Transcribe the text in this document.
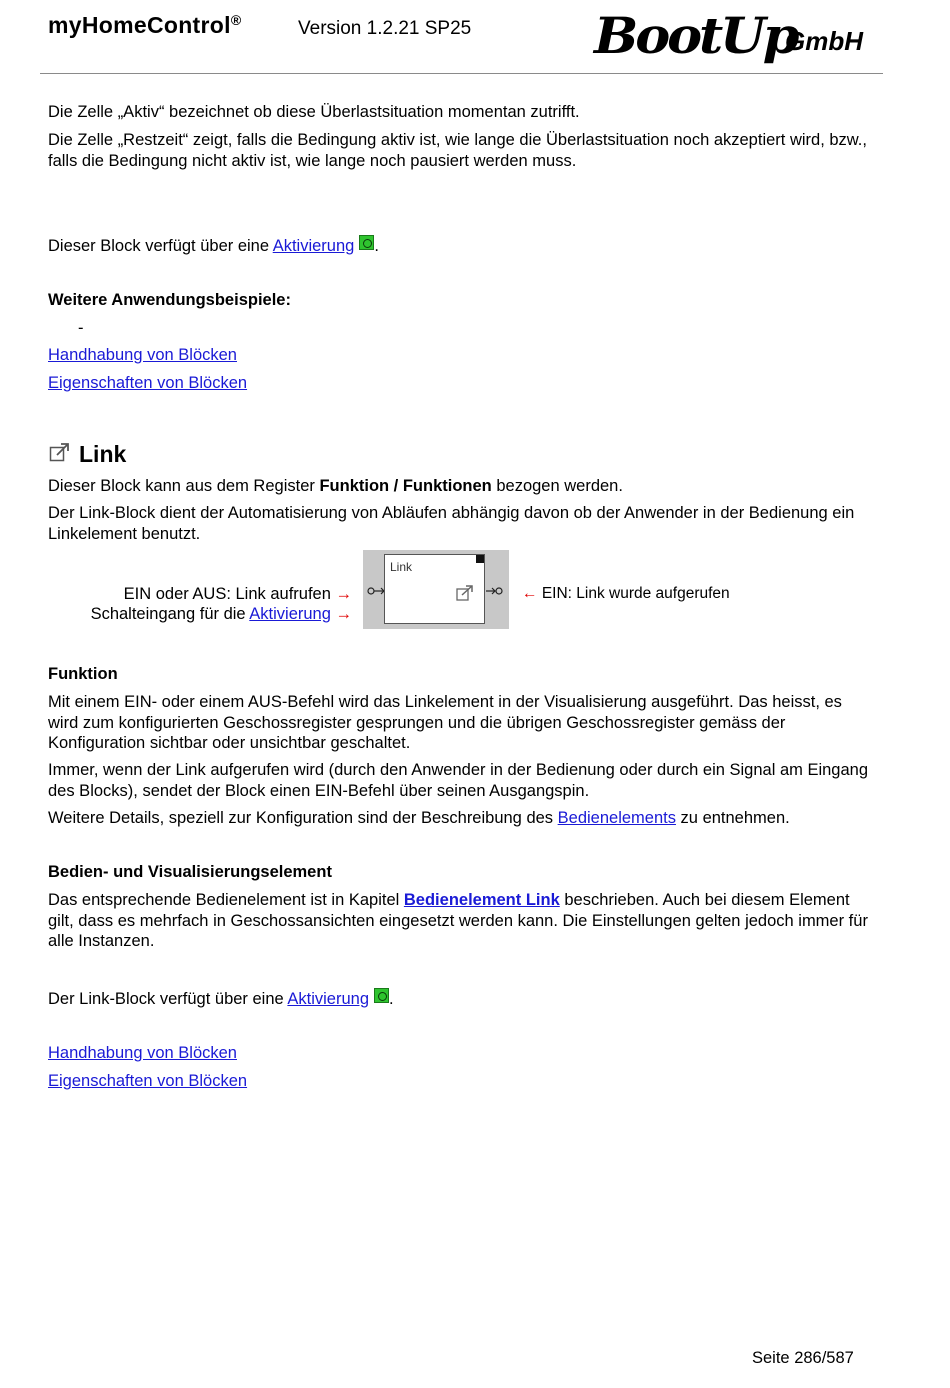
myHomeControl®	Version 1.2.21 SP25 BootUp
GmbH

Die Zelle „Aktiv“ bezeichnet ob diese Überlastsituation momentan zutrifft.

Die Zelle „Restzeit“ zeigt, falls die Bedingung aktiv ist, wie lange die Überlastsituation noch akzeptiert wird, bzw., falls die Bedingung nicht aktiv ist, wie lange noch pausiert werden muss.

Dieser Block verfügt über eine Aktivierung .

Weitere Anwendungsbeispiele:

-

Handhabung von Blöcken

Eigenschaften von Blöcken

Link

Dieser Block kann aus dem Register Funktion / Funktionen bezogen werden.

Der Link-Block dient der Automatisierung von Abläufen abhängig davon ob der Anwender in der Bedienung ein Linkelement benutzt.

EIN oder AUS: Link aufrufen →
Schalteingang für die Aktivierung →
Link
← EIN: Link wurde aufgerufen

Funktion

Mit einem EIN- oder einem AUS-Befehl wird das Linkelement in der Visualisierung ausgeführt. Das heisst, es wird zum konfigurierten Geschossregister gesprungen und die übrigen Geschossregister gemäss der Konfiguration sichtbar oder unsichtbar geschaltet.

Immer, wenn der Link aufgerufen wird (durch den Anwender in der Bedienung oder durch ein Signal am Eingang des Blocks), sendet der Block einen EIN-Befehl über seinen Ausgangspin.

Weitere Details, speziell zur Konfiguration sind der Beschreibung des Bedienelements zu entnehmen.

Bedien- und Visualisierungselement

Das entsprechende Bedienelement ist in Kapitel Bedienelement Link beschrieben. Auch bei diesem Element gilt, dass es mehrfach in Geschossansichten eingesetzt werden kann. Die Einstellungen gelten jedoch immer für alle Instanzen.

Der Link-Block verfügt über eine Aktivierung .

Handhabung von Blöcken

Eigenschaften von Blöcken

Seite 286/587
